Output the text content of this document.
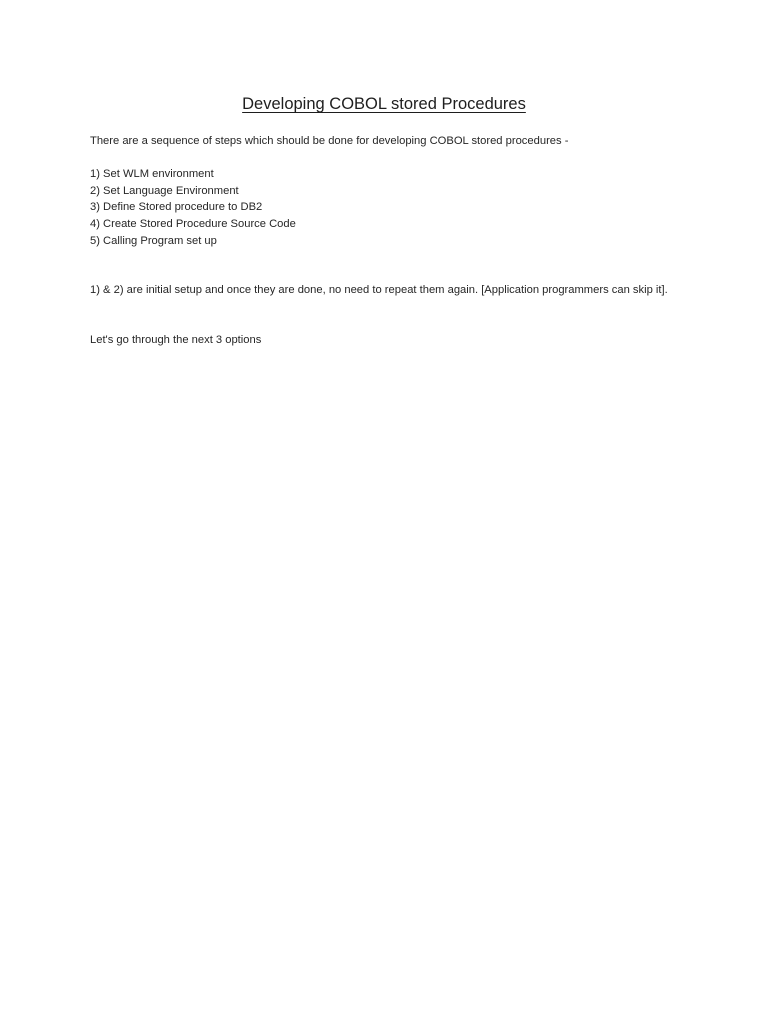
Developing COBOL stored Procedures
There are a sequence of steps which should be done for developing COBOL stored procedures -
1) Set WLM environment
2) Set Language Environment
3) Define Stored procedure to DB2
4) Create Stored Procedure Source Code
5) Calling Program set up
1) & 2) are initial setup and once they are done, no need to repeat them again. [Application programmers can skip it].
Let's go through the next 3 options
